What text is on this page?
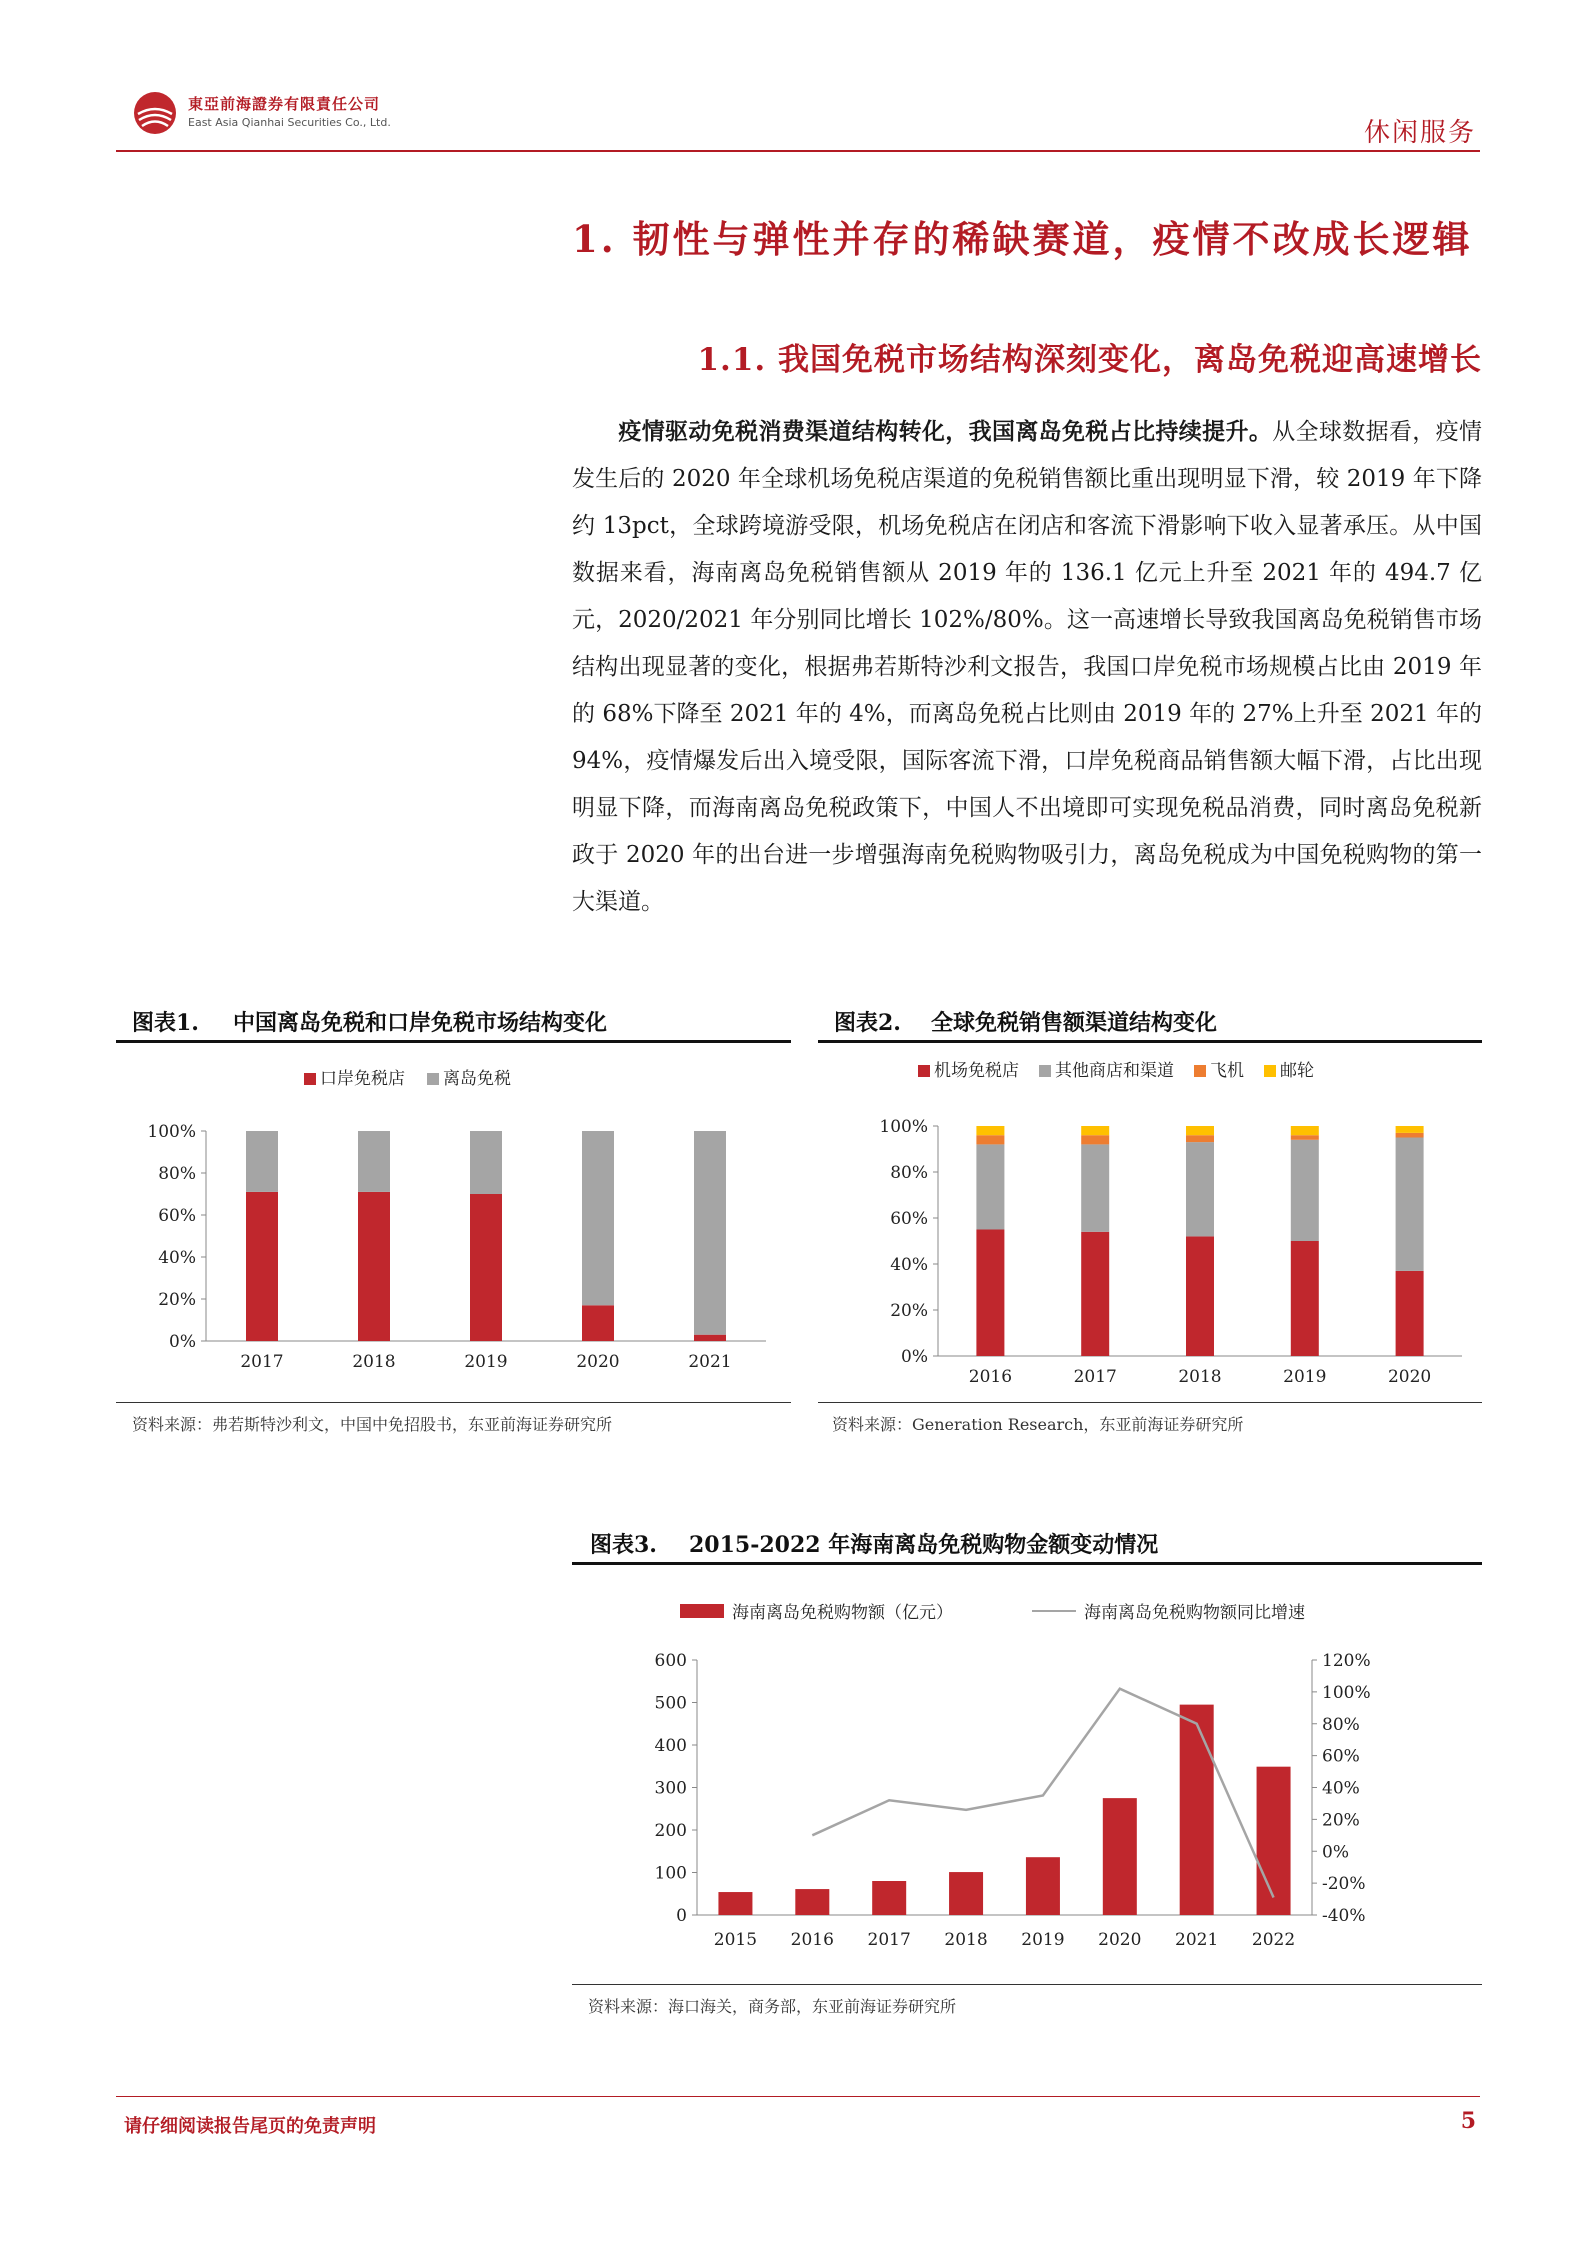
東亞前海證券有限責任公司
East Asia Qianhai Securities Co., Ltd.	休闲服务
1. 韧性与弹性并存的稀缺赛道，疫情不改成长逻辑
1.1. 我国免税市场结构深刻变化，离岛免税迎高速增长
疫情驱动免税消费渠道结构转化，我国离岛免税占比持续提升。从全球数据看，疫情发生后的 2020 年全球机场免税店渠道的免税销售额比重出现明显下滑，较 2019 年下降约 13pct，全球跨境游受限，机场免税店在闭店和客流下滑影响下收入显著承压。从中国数据来看，海南离岛免税销售额从 2019 年的 136.1 亿元上升至 2021 年的 494.7 亿元，2020/2021 年分别同比增长 102%/80%。这一高速增长导致我国离岛免税销售市场结构出现显著的变化，根据弗若斯特沙利文报告，我国口岸免税市场规模占比由 2019 年的 68%下降至 2021 年的 4%，而离岛免税占比则由 2019 年的 27%上升至 2021 年的 94%，疫情爆发后出入境受限，国际客流下滑，口岸免税商品销售额大幅下滑，占比出现明显下降，而海南离岛免税政策下，中国人不出境即可实现免税品消费，同时离岛免税新政于 2020 年的出台进一步增强海南免税购物吸引力，离岛免税成为中国免税购物的第一大渠道。
图表1. 中国离岛免税和口岸免税市场结构变化
口岸免税店 离岛免税
0%
20%
40%
60%
80%
100%
2017	2018	2019	2020	2021
资料来源：弗若斯特沙利文，中国中免招股书，东亚前海证券研究所
图表2. 全球免税销售额渠道结构变化
机场免税店 其他商店和渠道 飞机 邮轮
0%
20%
40%
60%
80%
100%
2016	2017	2018	2019	2020
资料来源：Generation Research，东亚前海证券研究所
图表3. 2015-2022 年海南离岛免税购物金额变动情况
海南离岛免税购物额（亿元）	海南离岛免税购物额同比增速
0
100
200
300
400
500
600
-40%
-20%
0%
20%
40%
60%
80%
100%
120%
2015 2016 2017 2018 2019 2020 2021 2022
资料来源：海口海关，商务部，东亚前海证券研究所
请仔细阅读报告尾页的免责声明	5
